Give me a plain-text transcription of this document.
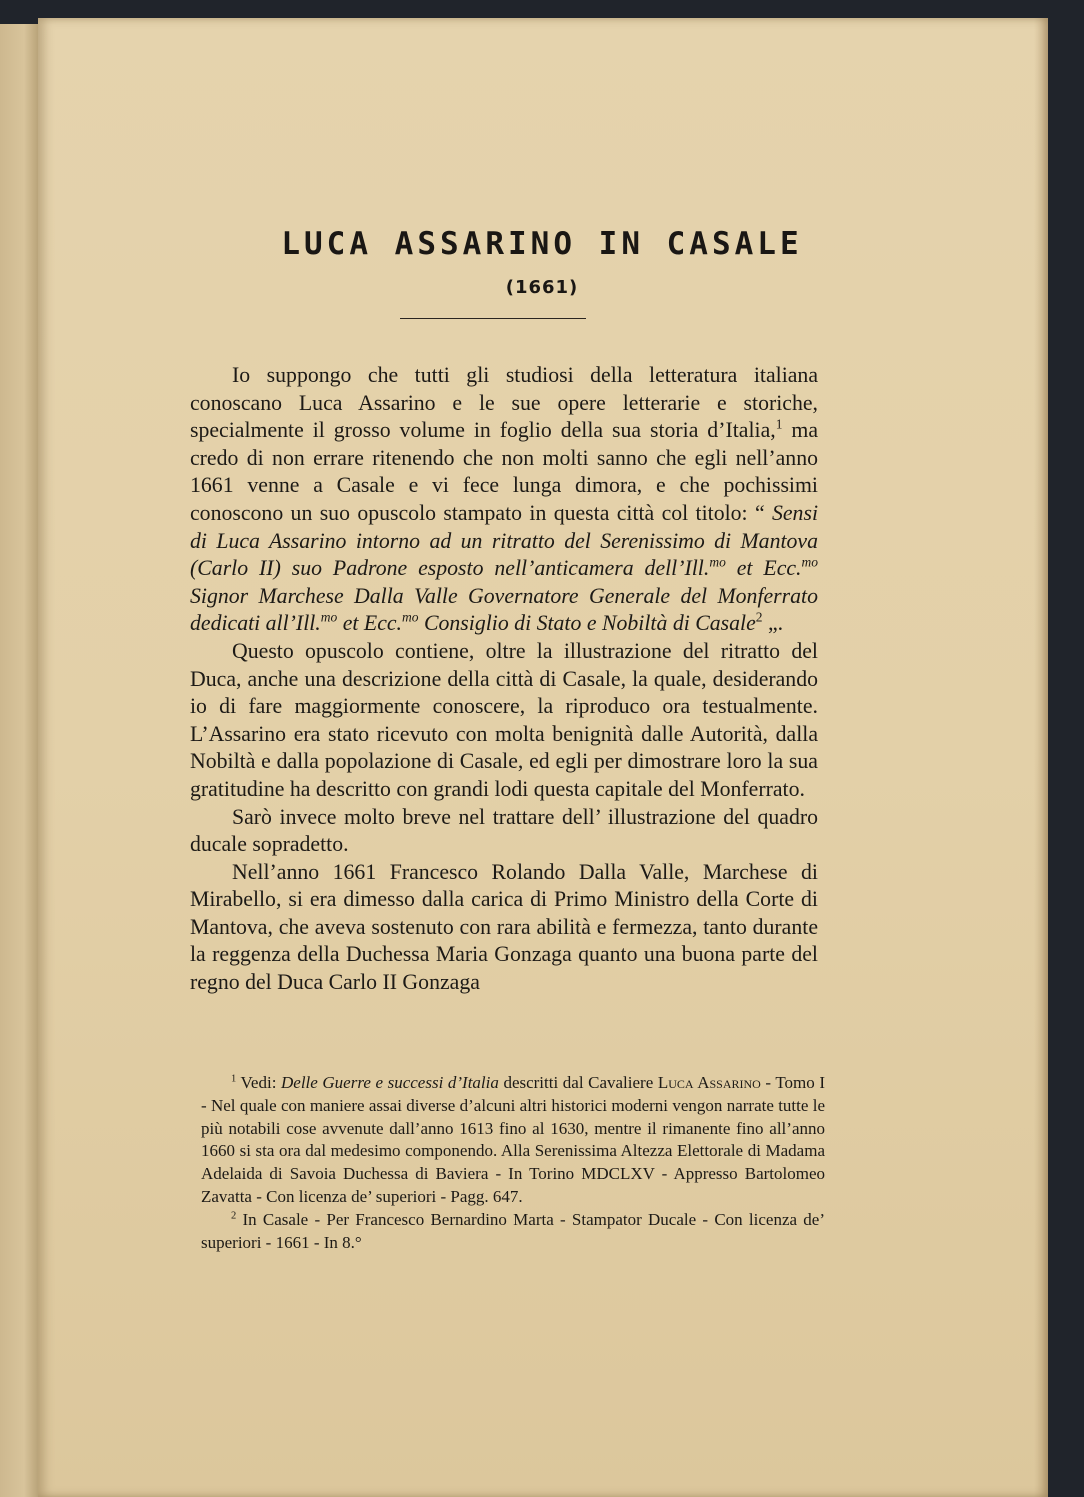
LUCA ASSARINO IN CASALE
(1661)

Io suppongo che tutti gli studiosi della letteratura italiana conoscano Luca Assarino e le sue opere letterarie e storiche, specialmente il grosso volume in foglio della sua storia d’Italia,$^1$ ma credo di non errare ritenendo che non molti sanno che egli nell’anno 1661 venne a Casale e vi fece lunga dimora, e che pochissimi conoscono un suo opuscolo stampato in questa città col titolo: “ Sensi di Luca Assarino intorno ad un ritratto del Serenissimo di Mantova (Carlo II) suo Padrone esposto nell’anticamera dell’Ill.$^{mo}$ et Ecc.$^{mo}$ Signor Marchese Dalla Valle Governatore Generale del Monferrato dedicati all’Ill.$^{mo}$ et Ecc.$^{mo}$ Consiglio di Stato e Nobiltà di Casale$^2$ „.

Questo opuscolo contiene, oltre la illustrazione del ritratto del Duca, anche una descrizione della città di Casale, la quale, desiderando io di fare maggiormente conoscere, la riproduco ora testualmente. L’Assarino era stato ricevuto con molta benignità dalle Autorità, dalla Nobiltà e dalla popolazione di Casale, ed egli per dimostrare loro la sua gratitudine ha descritto con grandi lodi questa capitale del Monferrato.

Sarò invece molto breve nel trattare dell’ illustrazione del quadro ducale sopradetto.

Nell’anno 1661 Francesco Rolando Dalla Valle, Marchese di Mirabello, si era dimesso dalla carica di Primo Ministro della Corte di Mantova, che aveva sostenuto con rara abilità e fermezza, tanto durante la reggenza della Duchessa Maria Gonzaga quanto una buona parte del regno del Duca Carlo II Gonzaga

$^1$ Vedi: Delle Guerre e successi d’Italia descritti dal Cavaliere Luca Assarino - Tomo I - Nel quale con maniere assai diverse d’alcuni altri historici moderni vengon narrate tutte le più notabili cose avvenute dall’anno 1613 fino al 1630, mentre il rimanente fino all’anno 1660 si sta ora dal medesimo componendo. Alla Serenissima Altezza Elettorale di Madama Adelaida di Savoia Duchessa di Baviera - In Torino MDCLXV - Appresso Bartolomeo Zavatta - Con licenza de’ superiori - Pagg. 647.

$^2$ In Casale - Per Francesco Bernardino Marta - Stampator Ducale - Con licenza de’ superiori - 1661 - In 8.°
